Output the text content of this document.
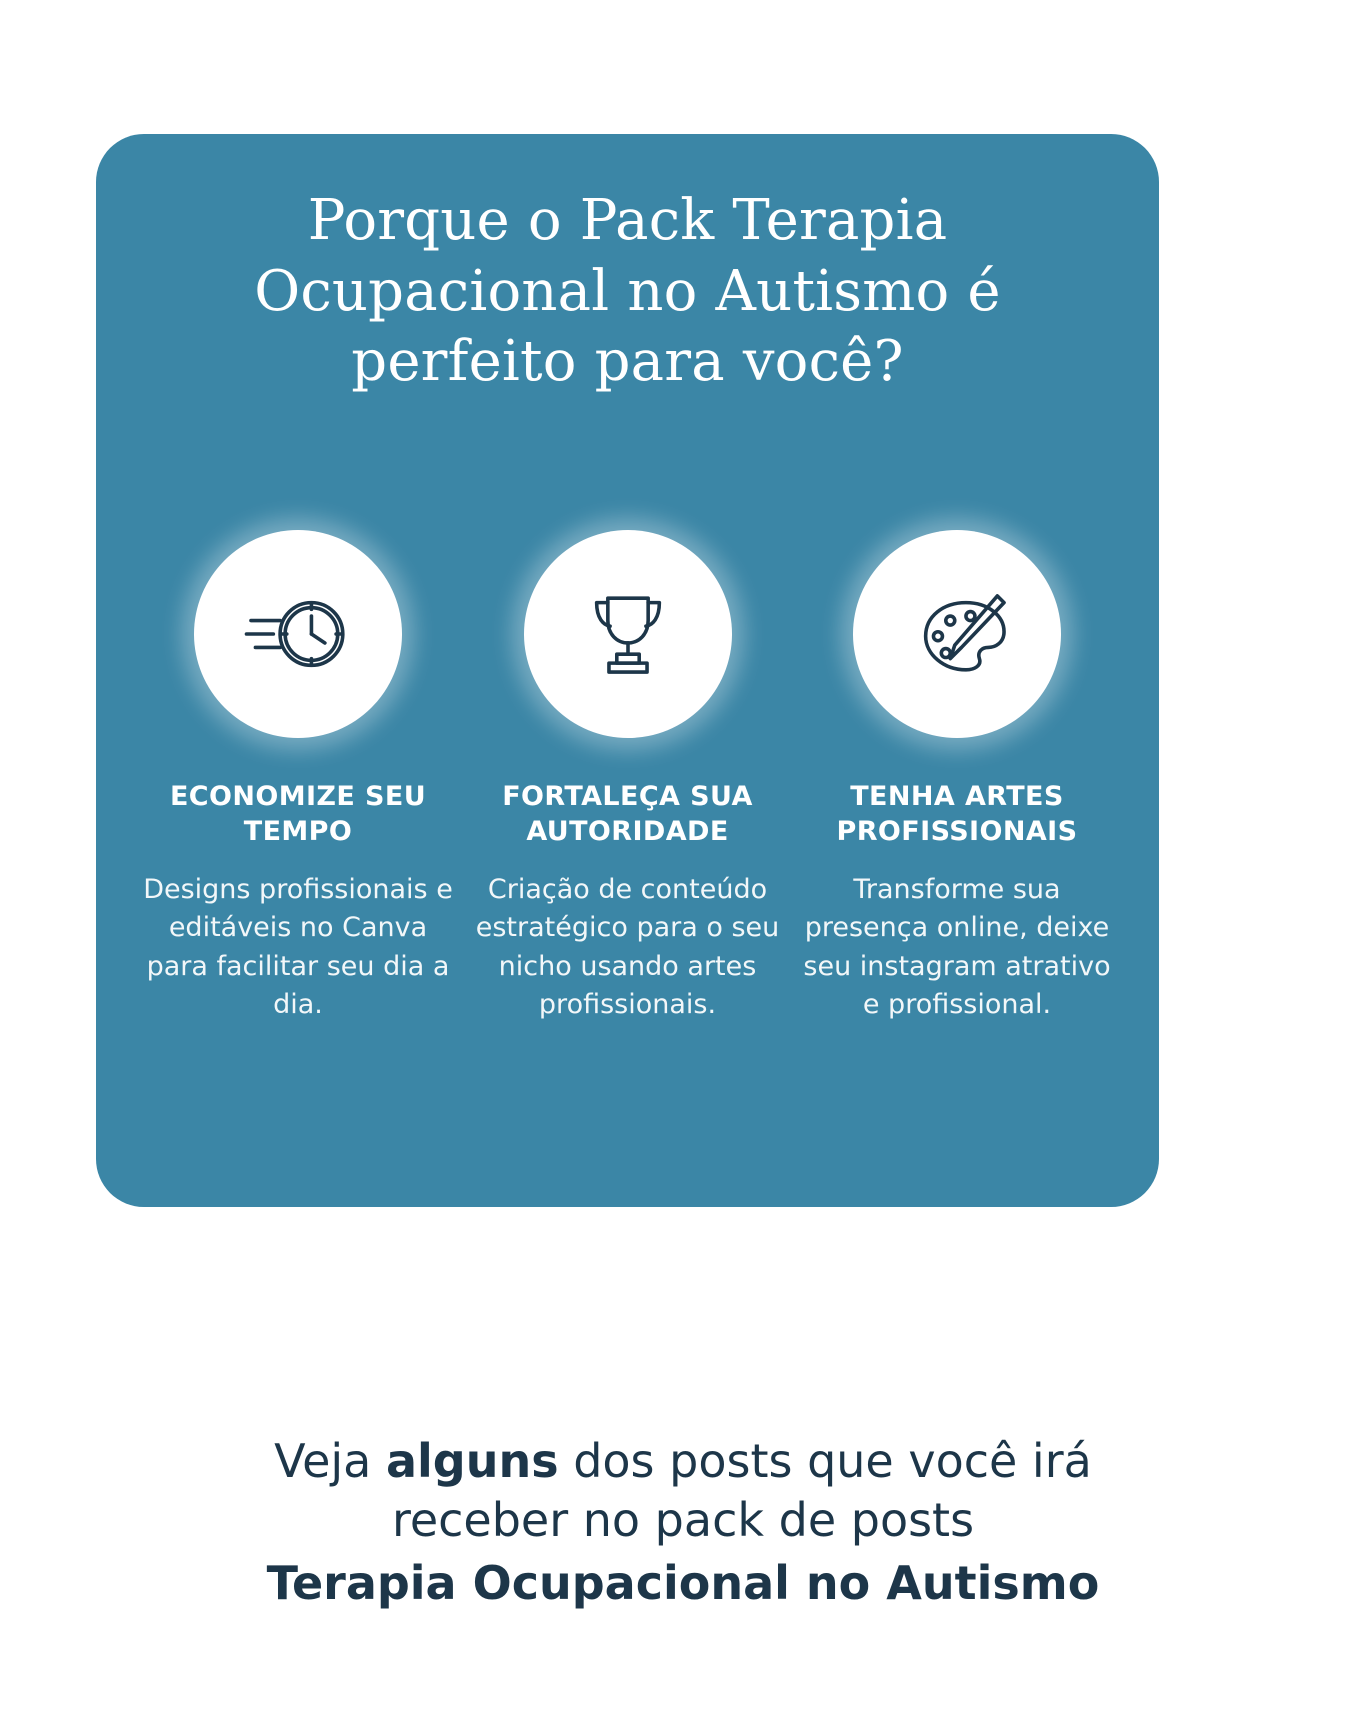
Porque o Pack Terapia Ocupacional no Autismo é perfeito para você?
ECONOMIZE SEU TEMPO

Designs profissionais e editáveis no Canva para facilitar seu dia a dia.

FORTALEÇA SUA AUTORIDADE

Criação de conteúdo estratégico para o seu nicho usando artes profissionais.

TENHA ARTES PROFISSIONAIS

Transforme sua presença online, deixe seu instagram atrativo e profissional.

Veja alguns dos posts que você irá
receber no pack de posts
Terapia Ocupacional no Autismo
